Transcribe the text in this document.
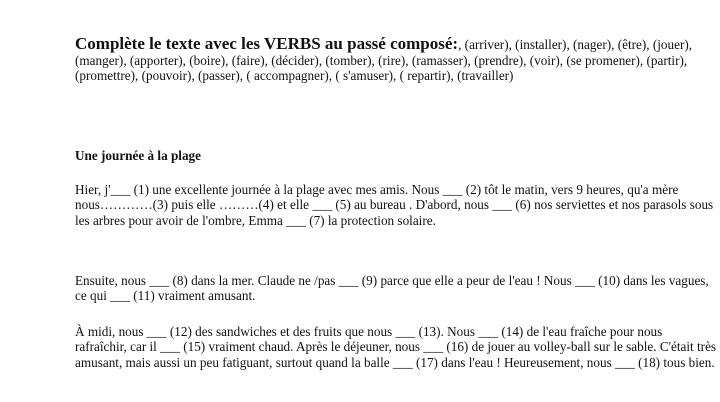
Complète le texte avec les VERBS au passé composé:, (arriver), (installer), (nager), (être), (jouer), (manger), (apporter), (boire), (faire), (décider), (tomber), (rire), (ramasser), (prendre), (voir), (se promener), (partir), (promettre), (pouvoir), (passer), ( accompagner), ( s'amuser), ( repartir), (travailler)

Une journée à la plage

Hier, j'___ (1) une excellente journée à la plage avec mes amis. Nous ___ (2) tôt le matin, vers 9 heures, qu'a mère nous…………(3) puis elle ………(4) et elle ___ (5) au bureau . D'abord, nous ___ (6) nos serviettes et nos parasols sous les arbres pour avoir de l'ombre, Emma ___ (7) la protection solaire.

Ensuite, nous ___ (8) dans la mer. Claude ne /pas ___ (9) parce que elle a peur de l'eau ! Nous ___ (10) dans les vagues, ce qui ___ (11) vraiment amusant.

À midi, nous ___ (12) des sandwiches et des fruits que nous ___ (13). Nous ___ (14) de l'eau fraîche pour nous rafraîchir, car il ___ (15) vraiment chaud. Après le déjeuner, nous ___ (16) de jouer au volley-ball sur le sable. C'était très amusant, mais aussi un peu fatiguant, surtout quand la balle ___ (17) dans l'eau ! Heureusement, nous ___ (18) tous bien.
